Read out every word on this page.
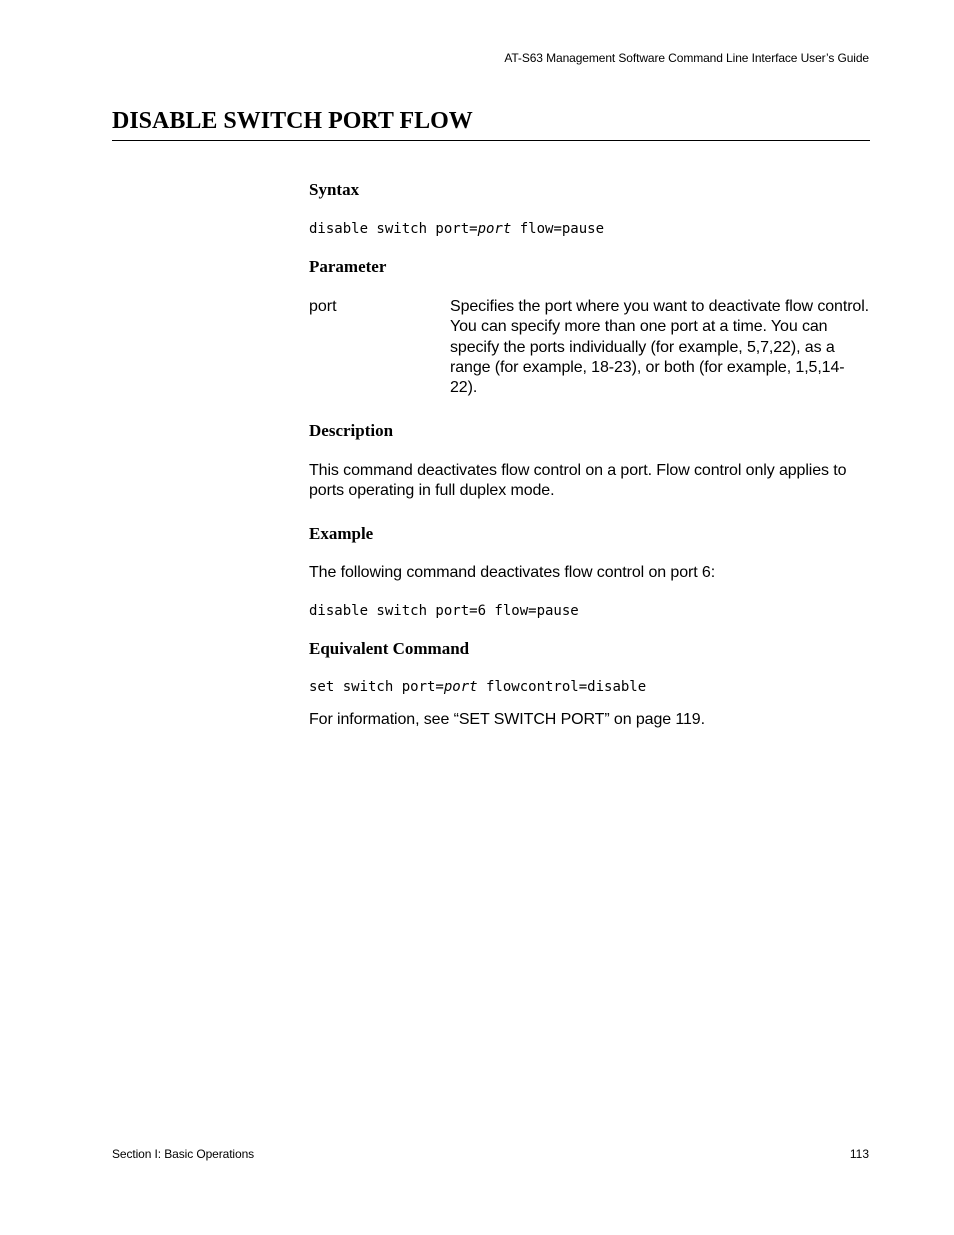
AT-S63 Management Software Command Line Interface User’s Guide
DISABLE SWITCH PORT FLOW
Syntax
disable switch port=port flow=pause
Parameter
port	Specifies the port where you want to deactivate flow control. You can specify more than one port at a time. You can specify the ports individually (for example, 5,7,22), as a range (for example, 18-23), or both (for example, 1,5,14-22).

Description

This command deactivates flow control on a port. Flow control only applies to ports operating in full duplex mode.

Example

The following command deactivates flow control on port 6:

disable switch port=6 flow=pause
Equivalent Command
set switch port=port flowcontrol=disable

For information, see “SET SWITCH PORT” on page 119.

Section I: Basic Operations	113
